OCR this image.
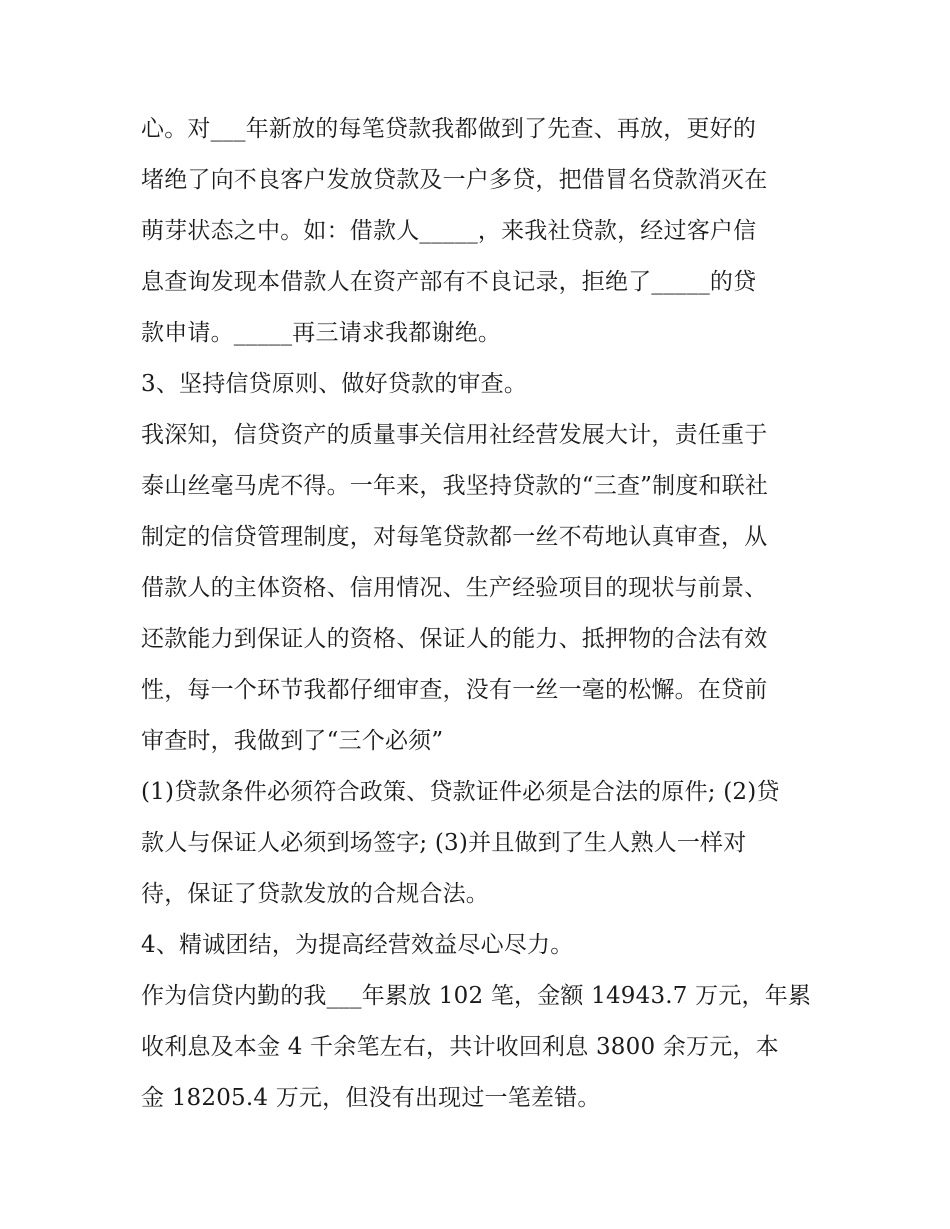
心。对___年新放的每笔贷款我都做到了先查、再放，更好的
堵绝了向不良客户发放贷款及一户多贷，把借冒名贷款消灭在
萌芽状态之中。如：借款人_____，来我社贷款，经过客户信
息查询发现本借款人在资产部有不良记录，拒绝了_____的贷
款申请。_____再三请求我都谢绝。
3、坚持信贷原则、做好贷款的审查。
我深知，信贷资产的质量事关信用社经营发展大计，责任重于
泰山丝毫马虎不得。一年来，我坚持贷款的“三查”制度和联社
制定的信贷管理制度，对每笔贷款都一丝不苟地认真审查，从
借款人的主体资格、信用情况、生产经验项目的现状与前景、
还款能力到保证人的资格、保证人的能力、抵押物的合法有效
性，每一个环节我都仔细审查，没有一丝一毫的松懈。在贷前
审查时，我做到了“三个必须”
(1)贷款条件必须符合政策、贷款证件必须是合法的原件; (2)贷
款人与保证人必须到场签字; (3)并且做到了生人熟人一样对
待，保证了贷款发放的合规合法。
4、精诚团结，为提高经营效益尽心尽力。
作为信贷内勤的我___年累放 102 笔，金额 14943.7 万元，年累
收利息及本金 4 千余笔左右，共计收回利息 3800 余万元，本
金 18205.4 万元，但没有出现过一笔差错。
